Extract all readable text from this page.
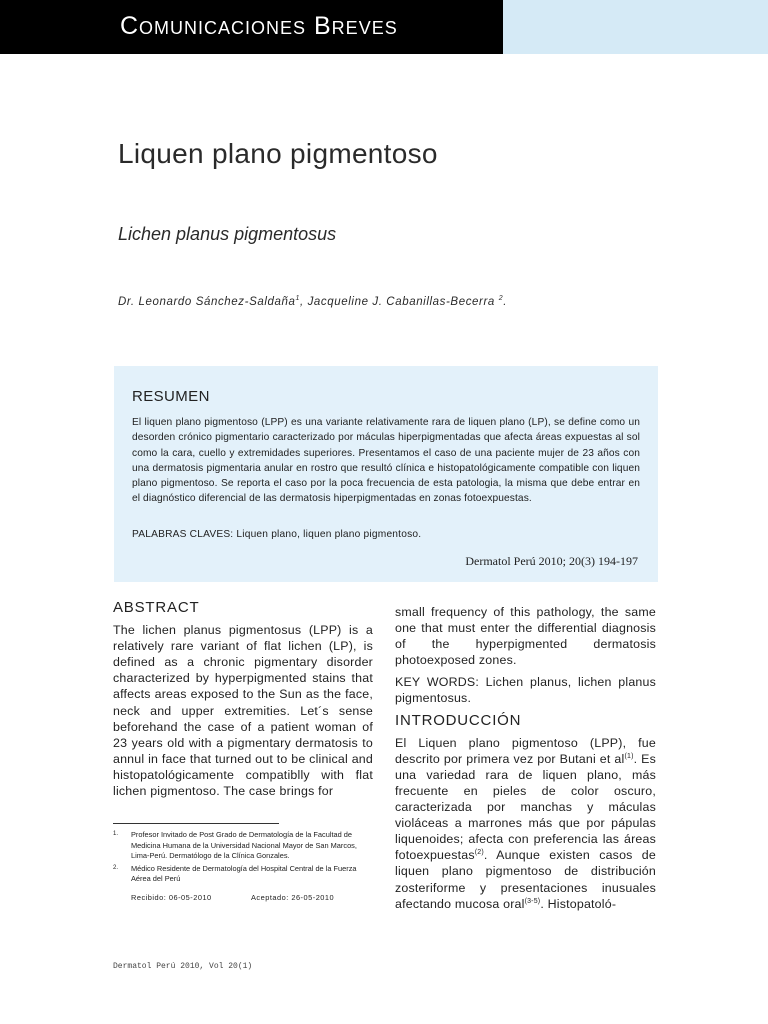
Comunicaciones Breves
Liquen plano pigmentoso
Lichen planus pigmentosus
Dr. Leonardo Sánchez-Saldaña$^1$, Jacqueline J. Cabanillas-Becerra $^2$.
RESUMEN
El liquen plano pigmentoso (LPP) es una variante relativamente rara de liquen plano (LP), se define como un desorden crónico pigmentario caracterizado por máculas hiperpigmentadas que afecta áreas expuestas al sol como la cara, cuello y extremidades superiores. Presentamos el caso de una paciente mujer de 23 años con una dermatosis pigmentaria anular en rostro que resultó clínica e histopatológicamente compatible con liquen plano pigmentoso. Se reporta el caso por la poca frecuencia de esta patologia, la misma que debe entrar en el diagnóstico diferencial de las dermatosis hiperpigmentadas en zonas fotoexpuestas.
PALABRAS CLAVES: Liquen plano, liquen plano pigmentoso.
Dermatol Perú 2010; 20(3) 194-197
ABSTRACT

The lichen planus pigmentosus (LPP) is a relatively rare variant of flat lichen (LP), is defined as a chronic pigmentary disorder characterized by hyperpigmented stains that affects areas exposed to the Sun as the face, neck and upper extremities. Let´s sense beforehand the case of a patient woman of 23 years old with a pigmentary dermatosis to annul in face that turned out to be clinical and histopatológicamente compatiblly with flat lichen pigmentoso. The case brings for

small frequency of this pathology, the same one that must enter the differential diagnosis of the hyperpigmented dermatosis photoexposed zones.

KEY WORDS: Lichen planus, lichen planus pigmentosus.

INTRODUCCIÓN

El Liquen plano pigmentoso (LPP), fue descrito por primera vez por Butani et $al^{(1)}$. Es una variedad rara de liquen plano, más frecuente en pieles de color oscuro, caracterizada por manchas y máculas violáceas a marrones más que por pápulas liquenoides; afecta con preferencia las áreas fotoexpuestas$^{(2)}$. Aunque existen casos de liquen plano pigmentoso de distribución zosteriforme y presentaciones inusuales afectando mucosa oral$^{(3-5)}$. Histopatoló-

1. Profesor Invitado de Post Grado de Dermatología de la Facultad de Medicina Humana de la Universidad Nacional Mayor de San Marcos, Lima-Perú. Dermatólogo de la Clínica Gonzales.
2. Médico Residente de Dermatología del Hospital Central de la Fuerza Aérea del Perú
Recibido: 06-05-2010	Aceptado: 26-05-2010
Dermatol Perú 2010, Vol 20(1)
